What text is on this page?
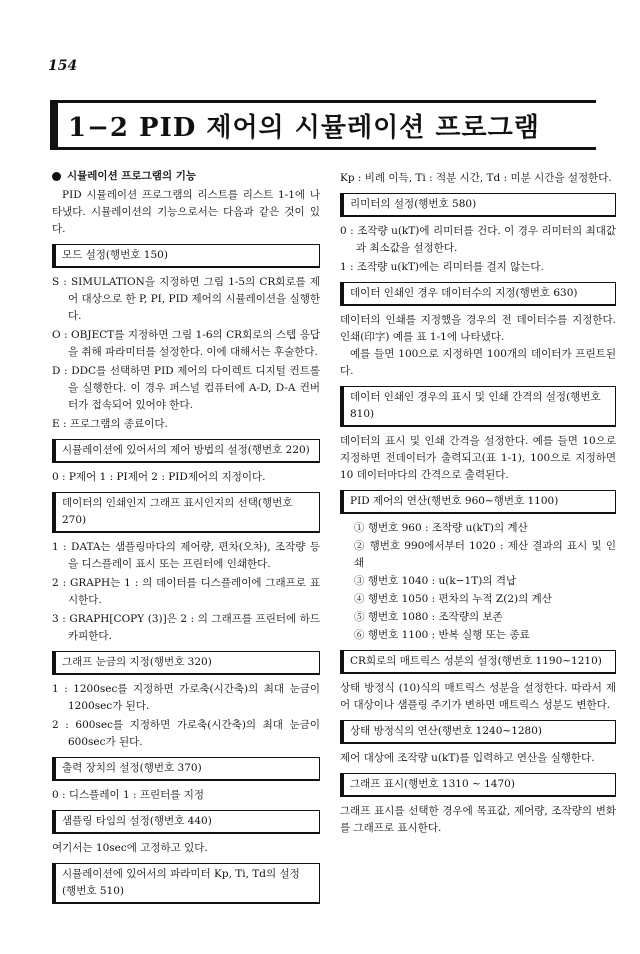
154
1−2 PID 제어의 시뮬레이션 프로그램
시뮬레이션 프로그램의 기능

PID 시뮬레이션 프로그램의 리스트를 리스트 1-1에 나타냈다. 시뮬레이션의 기능으로서는 다음과 같은 것이 있다.

모드 설정(행번호 150)

S : SIMULATION을 지정하면 그림 1-5의 CR회로를 제어 대상으로 한 P, PI, PID 제어의 시뮬레이션을 실행한다.

O : OBJECT를 지정하면 그림 1-6의 CR회로의 스텝 응답을 취해 파라미터를 설정한다. 이에 대해서는 후술한다.

D : DDC를 선택하면 PID 제어의 다이렉트 디지털 컨트롤을 실행한다. 이 경우 퍼스널 컴퓨터에 A-D, D-A 컨버터가 접속되어 있어야 한다.

E : 프로그램의 종료이다.

시뮬레이션에 있어서의 제어 방법의 설정(행번호 220)

0 : P제어 1 : PI제어 2 : PID제어의 지정이다.

데이터의 인쇄인지 그래프 표시인지의 선택(행번호 270)

1 : DATA는 샘플링마다의 제어량, 편차(오차), 조작량 등을 디스플레이 표시 또는 프린터에 인쇄한다.

2 : GRAPH는 1 : 의 데이터를 디스플레이에 그래프로 표시한다.

3 : GRAPH[COPY (3)]은 2 : 의 그래프를 프린터에 하드 카피한다.

그래프 눈금의 지정(행번호 320)

1 : 1200sec를 지정하면 가로축(시간축)의 최대 눈금이 1200sec가 된다.

2 : 600sec를 지정하면 가로축(시간축)의 최대 눈금이 600sec가 된다.

출력 장치의 설정(행번호 370)

0 : 디스플레이 1 : 프린터를 지정

샘플링 타임의 설정(행번호 440)

여기서는 10sec에 고정하고 있다.

시뮬레이션에 있어서의 파라미터 Kp, Ti, Td의 설정 (행번호 510)

Kp : 비례 이득, Ti : 적분 시간, Td : 미분 시간을 설정한다.

리미터의 설정(행번호 580)

0 : 조작량 u(kT)에 리미터를 건다. 이 경우 리미터의 최대값과 최소값을 설정한다.

1 : 조작량 u(kT)에는 리미터를 걸지 않는다.

데이터 인쇄인 경우 데이터수의 지정(행번호 630)

데이터의 인쇄를 지정했을 경우의 전 데이터수를 지정한다. 인쇄(印字) 예를 표 1-1에 나타냈다.

예를 들면 100으로 지정하면 100개의 데이터가 프린트된다.

데이터 인쇄인 경우의 표시 및 인쇄 간격의 설정(행번호 810)

데이터의 표시 및 인쇄 간격을 설정한다. 예를 들면 10으로 지정하면 전데이터가 출력되고(표 1-1), 100으로 지정하면 10 데이터마다의 간격으로 출력된다.

PID 제어의 연산(행번호 960∼행번호 1100)

① 행번호 960 : 조작량 u(kT)의 계산

② 행번호 990에서부터 1020 : 제산 결과의 표시 및 인쇄

③ 행번호 1040 : u(k−1T)의 격납

④ 행번호 1050 : 편차의 누적 Z(2)의 계산

⑤ 행번호 1080 : 조작량의 보존

⑥ 행번호 1100 : 반복 실행 또는 종료

CR회로의 매트릭스 성분의 설정(행번호 1190∼1210)

상태 방정식 (10)식의 매트릭스 성분을 설정한다. 따라서 제어 대상이나 샘플링 주기가 변하면 매트릭스 성분도 변한다.

상태 방정식의 연산(행번호 1240∼1280)

제어 대상에 조작량 u(kT)를 입력하고 연산을 실행한다.

그래프 표시(행번호 1310 ∼ 1470)

그래프 표시를 선택한 경우에 목표값, 제어량, 조작량의 변화를 그래프로 표시한다.
